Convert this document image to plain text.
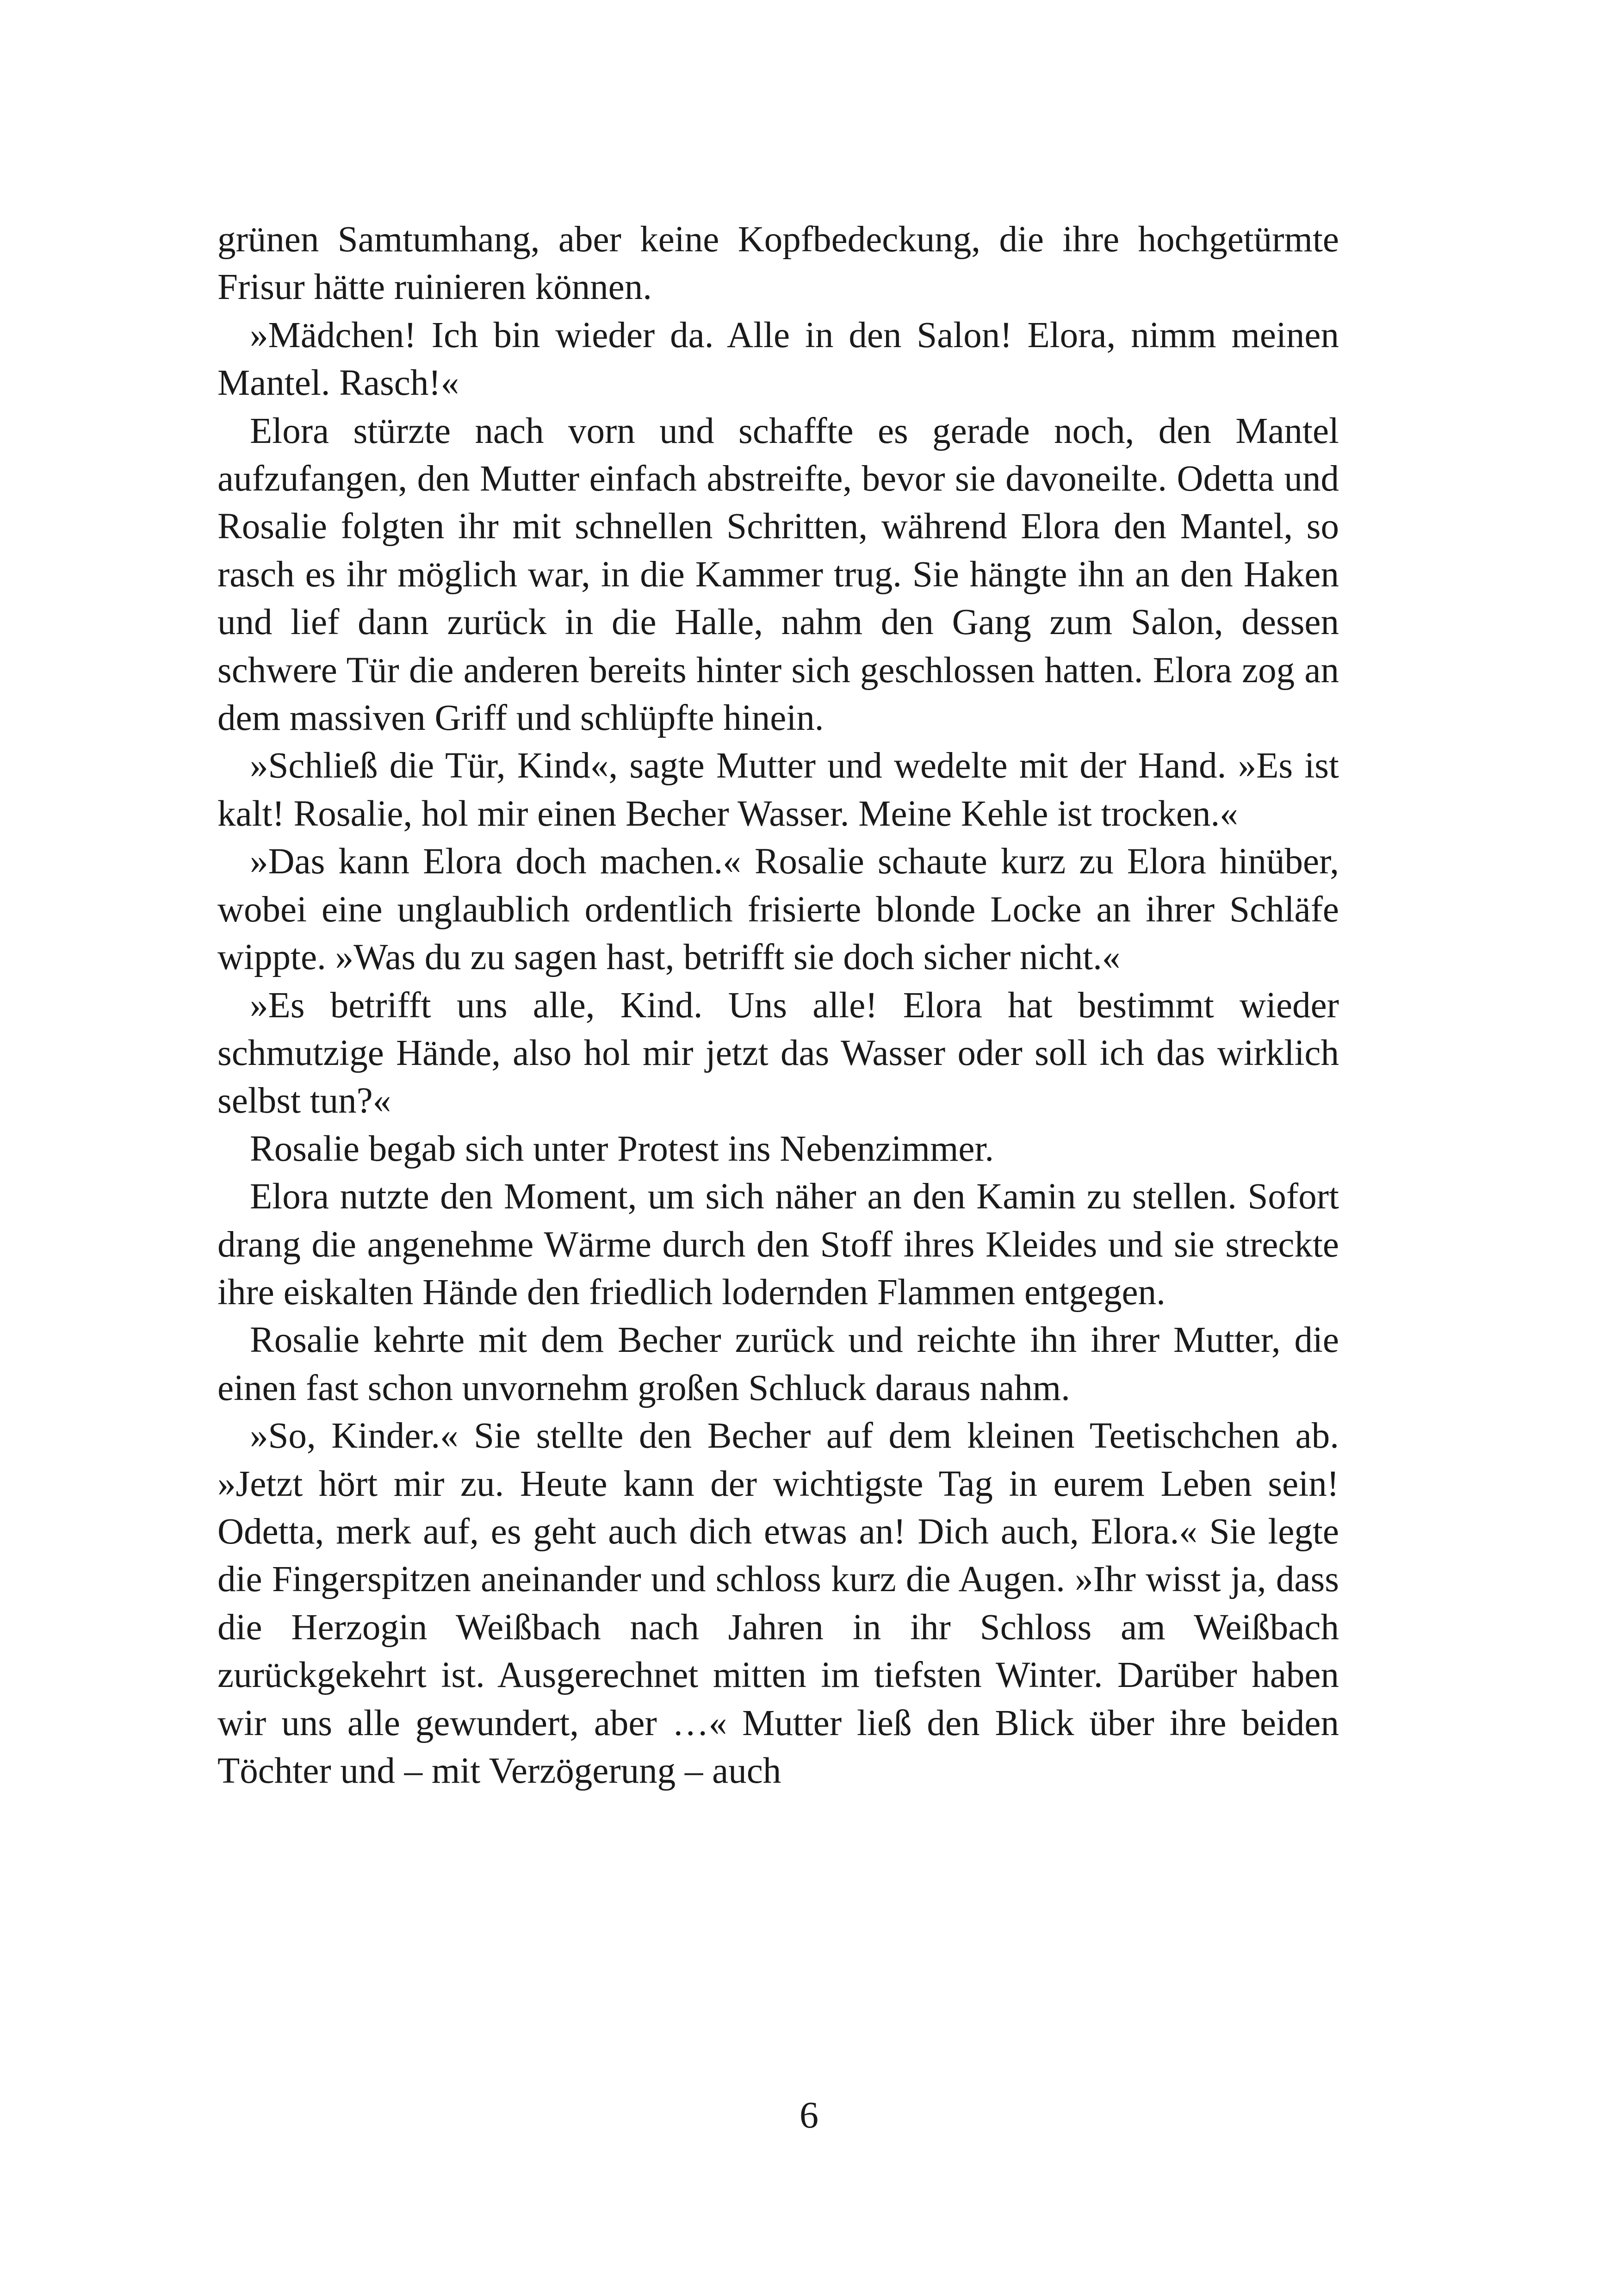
grünen Samtumhang, aber keine Kopfbedeckung, die ihre hochgetürmte Frisur hätte ruinieren können.

»Mädchen! Ich bin wieder da. Alle in den Salon! Elora, nimm meinen Mantel. Rasch!«

Elora stürzte nach vorn und schaffte es gerade noch, den Mantel aufzufangen, den Mutter einfach abstreifte, bevor sie davoneilte. Odetta und Rosalie folgten ihr mit schnellen Schritten, während Elora den Mantel, so rasch es ihr möglich war, in die Kammer trug. Sie hängte ihn an den Haken und lief dann zurück in die Halle, nahm den Gang zum Salon, dessen schwere Tür die anderen bereits hinter sich geschlossen hatten. Elora zog an dem massiven Griff und schlüpfte hinein.

»Schließ die Tür, Kind«, sagte Mutter und wedelte mit der Hand. »Es ist kalt! Rosalie, hol mir einen Becher Wasser. Meine Kehle ist trocken.«

»Das kann Elora doch machen.« Rosalie schaute kurz zu Elora hinüber, wobei eine unglaublich ordentlich frisierte blonde Locke an ihrer Schläfe wippte. »Was du zu sagen hast, betrifft sie doch sicher nicht.«

»Es betrifft uns alle, Kind. Uns alle! Elora hat bestimmt wieder schmutzige Hände, also hol mir jetzt das Wasser oder soll ich das wirklich selbst tun?«

Rosalie begab sich unter Protest ins Nebenzimmer.

Elora nutzte den Moment, um sich näher an den Kamin zu stellen. Sofort drang die angenehme Wärme durch den Stoff ihres Kleides und sie streckte ihre eiskalten Hände den friedlich lodernden Flammen entgegen.

Rosalie kehrte mit dem Becher zurück und reichte ihn ihrer Mutter, die einen fast schon unvornehm großen Schluck daraus nahm.

»So, Kinder.« Sie stellte den Becher auf dem kleinen Teetischchen ab. »Jetzt hört mir zu. Heute kann der wichtigste Tag in eurem Leben sein! Odetta, merk auf, es geht auch dich etwas an! Dich auch, Elora.« Sie legte die Fingerspitzen aneinander und schloss kurz die Augen. »Ihr wisst ja, dass die Herzogin Weißbach nach Jahren in ihr Schloss am Weißbach zurückgekehrt ist. Ausgerechnet mitten im tiefsten Winter. Darüber haben wir uns alle gewundert, aber …« Mutter ließ den Blick über ihre beiden Töchter und – mit Verzögerung – auch

6
